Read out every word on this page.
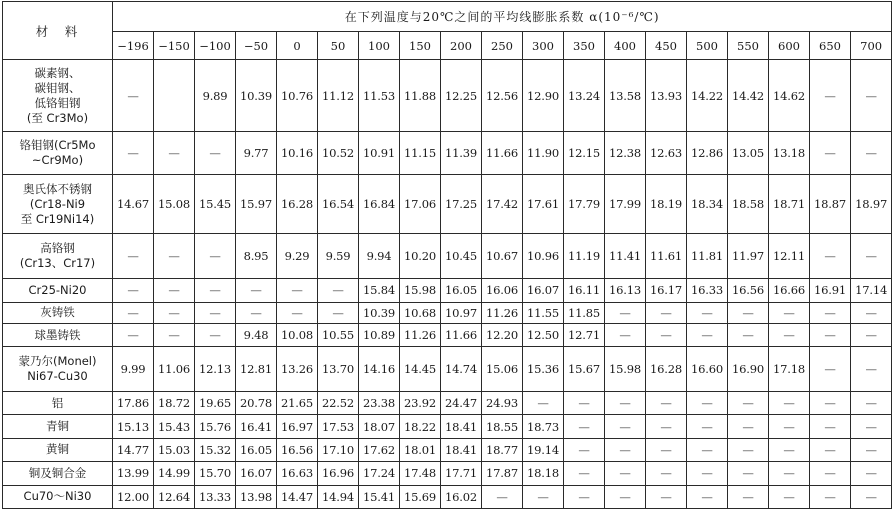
材　料	在下列温度与20℃之间的平均线膨胀系数 α(10⁻⁶/℃)																		
	−196	−150	−100	−50	0	50	100	150	200	250	300	350	400	450	500	550	600	650	700

碳素钢、
碳钼钢、
低铬钼钢
(至 Cr3Mo)	—		9.89	10.39	10.76	11.12	11.53	11.88	12.25	12.56	12.90	13.24	13.58	13.93	14.22	14.42	14.62	—	—

铬钼钢(Cr5Mo
~Cr9Mo)	—	—	—	9.77	10.16	10.52	10.91	11.15	11.39	11.66	11.90	12.15	12.38	12.63	12.86	13.05	13.18	—	—

奥氏体不锈钢
(Cr18-Ni9
至 Cr19Ni14)	14.67	15.08	15.45	15.97	16.28	16.54	16.84	17.06	17.25	17.42	17.61	17.79	17.99	18.19	18.34	18.58	18.71	18.87	18.97

高铬钢
(Cr13、Cr17)	—	—	—	8.95	9.29	9.59	9.94	10.20	10.45	10.67	10.96	11.19	11.41	11.61	11.81	11.97	12.11	—	—

Cr25-Ni20	—	—	—	—	—	—	15.84	15.98	16.05	16.06	16.07	16.11	16.13	16.17	16.33	16.56	16.66	16.91	17.14

灰铸铁	—	—	—	—	—	—	10.39	10.68	10.97	11.26	11.55	11.85	—	—	—	—	—	—	—

球墨铸铁	—	—	—	9.48	10.08	10.55	10.89	11.26	11.66	12.20	12.50	12.71	—	—	—	—	—	—	—

蒙乃尔(Monel)
Ni67-Cu30	9.99	11.06	12.13	12.81	13.26	13.70	14.16	14.45	14.74	15.06	15.36	15.67	15.98	16.28	16.60	16.90	17.18	—	—

铝	17.86	18.72	19.65	20.78	21.65	22.52	23.38	23.92	24.47	24.93	—	—	—	—	—	—	—	—	—

青铜	15.13	15.43	15.76	16.41	16.97	17.53	18.07	18.22	18.41	18.55	18.73	—	—	—	—	—	—	—	—

黄铜	14.77	15.03	15.32	16.05	16.56	17.10	17.62	18.01	18.41	18.77	19.14	—	—	—	—	—	—	—	—

铜及铜合金	13.99	14.99	15.70	16.07	16.63	16.96	17.24	17.48	17.71	17.87	18.18	—	—	—	—	—	—	—	—

Cu70～Ni30	12.00	12.64	13.33	13.98	14.47	14.94	15.41	15.69	16.02	—	—	—	—	—	—	—	—	—	—
